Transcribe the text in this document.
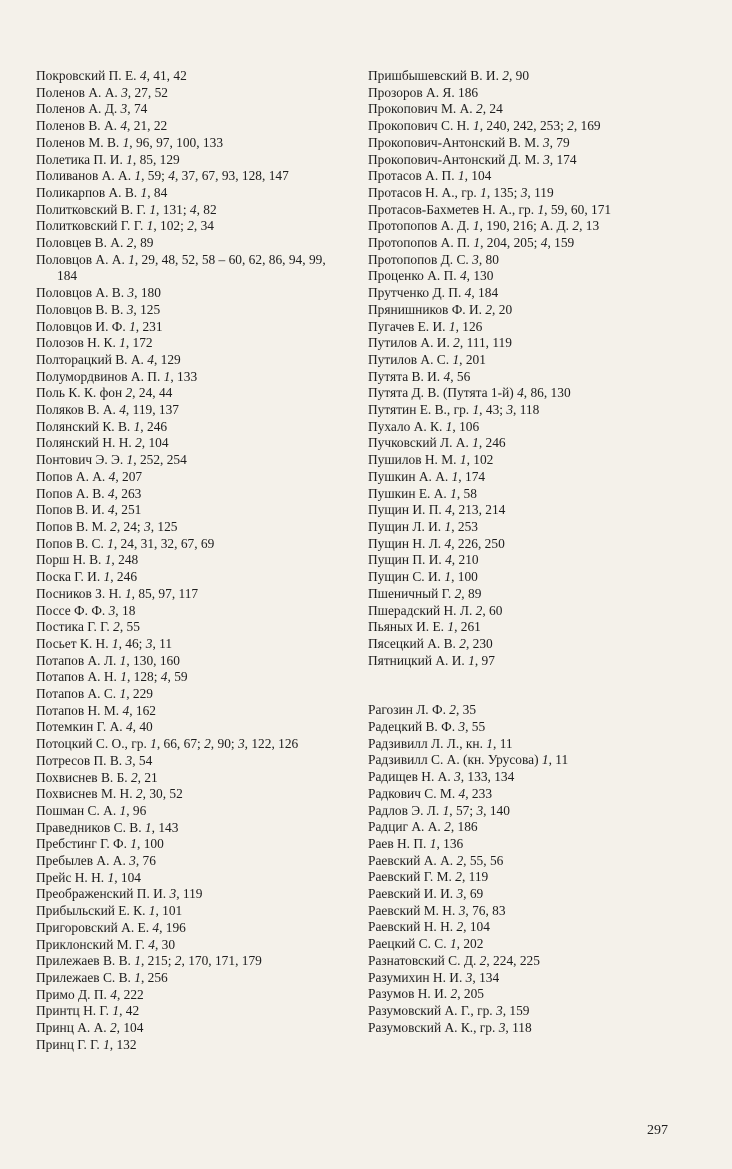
Покровский П. Е. 4, 41, 42
Поленов А. А. 3, 27, 52
Поленов А. Д. 3, 74
Поленов В. А. 4, 21, 22
Поленов М. В. 1, 96, 97, 100, 133
Полетика П. И. 1, 85, 129
Поливанов А. А. 1, 59; 4, 37, 67, 93, 128, 147
Поликарпов А. В. 1, 84
Политковский В. Г. 1, 131; 4, 82
Политковский Г. Г. 1, 102; 2, 34
Половцев В. А. 2, 89
Половцов А. А. 1, 29, 48, 52, 58 – 60, 62, 86, 94, 99, 184
Половцов А. В. 3, 180
Половцов В. В. 3, 125
Половцов И. Ф. 1, 231
Полозов Н. К. 1, 172
Полторацкий В. А. 4, 129
Полумордвинов А. П. 1, 133
Поль К. К. фон 2, 24, 44
Поляков В. А. 4, 119, 137
Полянский К. В. 1, 246
Полянский Н. Н. 2, 104
Понтович Э. Э. 1, 252, 254
Попов А. А. 4, 207
Попов А. В. 4, 263
Попов В. И. 4, 251
Попов В. М. 2, 24; 3, 125
Попов В. С. 1, 24, 31, 32, 67, 69
Порш Н. В. 1, 248
Поска Г. И. 1, 246
Посников З. Н. 1, 85, 97, 117
Поссе Ф. Ф. 3, 18
Постика Г. Г. 2, 55
Посьет К. Н. 1, 46; 3, 11
Потапов А. Л. 1, 130, 160
Потапов А. Н. 1, 128; 4, 59
Потапов А. С. 1, 229
Потапов Н. М. 4, 162
Потемкин Г. А. 4, 40
Потоцкий С. О., гр. 1, 66, 67; 2, 90; 3, 122, 126
Потресов П. В. 3, 54
Похвиснев В. Б. 2, 21
Похвиснев М. Н. 2, 30, 52
Пошман С. А. 1, 96
Праведников С. В. 1, 143
Пребстинг Г. Ф. 1, 100
Пребылев А. А. 3, 76
Прейс Н. Н. 1, 104
Преображенский П. И. 3, 119
Прибыльский Е. К. 1, 101
Пригоровский А. Е. 4, 196
Приклонский М. Г. 4, 30
Прилежаев В. В. 1, 215; 2, 170, 171, 179
Прилежаев С. В. 1, 256
Примо Д. П. 4, 222
Принтц Н. Г. 1, 42
Принц А. А. 2, 104
Принц Г. Г. 1, 132
Пришбышевский В. И. 2, 90
Прозоров А. Я. 186
Прокопович М. А. 2, 24
Прокопович С. Н. 1, 240, 242, 253; 2, 169
Прокопович-Антонский В. М. 3, 79
Прокопович-Антонский Д. М. 3, 174
Протасов А. П. 1, 104
Протасов Н. А., гр. 1, 135; 3, 119
Протасов-Бахметев Н. А., гр. 1, 59, 60, 171
Протопопов А. Д. 1, 190, 216; А. Д. 2, 13
Протопопов А. П. 1, 204, 205; 4, 159
Протопопов Д. С. 3, 80
Проценко А. П. 4, 130
Прутченко Д. П. 4, 184
Прянишников Ф. И. 2, 20
Пугачев Е. И. 1, 126
Путилов А. И. 2, 111, 119
Путилов А. С. 1, 201
Путята В. И. 4, 56
Путята Д. В. (Путята 1-й) 4, 86, 130
Путятин Е. В., гр. 1, 43; 3, 118
Пухало А. К. 1, 106
Пучковский Л. А. 1, 246
Пушилов Н. М. 1, 102
Пушкин А. А. 1, 174
Пушкин Е. А. 1, 58
Пущин И. П. 4, 213, 214
Пущин Л. И. 1, 253
Пущин Н. Л. 4, 226, 250
Пущин П. И. 4, 210
Пущин С. И. 1, 100
Пшеничный Г. 2, 89
Пшерадский Н. Л. 2, 60
Пьяных И. Е. 1, 261
Пясецкий А. В. 2, 230
Пятницкий А. И. 1, 97
Рагозин Л. Ф. 2, 35
Радецкий В. Ф. 3, 55
Радзивилл Л. Л., кн. 1, 11
Радзивилл С. А. (кн. Урусова) 1, 11
Радищев Н. А. 3, 133, 134
Радкович С. М. 4, 233
Радлов Э. Л. 1, 57; 3, 140
Радциг А. А. 2, 186
Раев Н. П. 1, 136
Раевский А. А. 2, 55, 56
Раевский Г. М. 2, 119
Раевский И. И. 3, 69
Раевский М. Н. 3, 76, 83
Раевский Н. Н. 2, 104
Раецкий С. С. 1, 202
Разнатовский С. Д. 2, 224, 225
Разумихин Н. И. 3, 134
Разумов Н. И. 2, 205
Разумовский А. Г., гр. 3, 159
Разумовский А. К., гр. 3, 118
297
